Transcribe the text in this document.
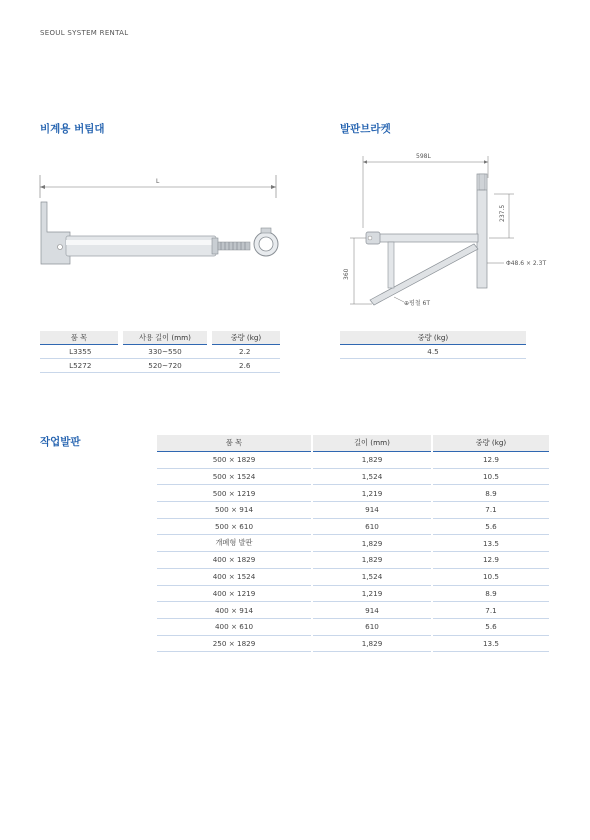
SEOUL SYSTEM RENTAL
비계용 버팀대
L
품 목	사용 길이 (mm)	중량 (kg)
L3355	330~550	2.2
L5272	520~720	2.6
발판브라켓
598L
237.5
360
Φ48.6 × 2.3T
⊕평철 6T
중량 (kg)
4.5
작업발판	품 목	길이 (mm)	중량 (kg)
500 × 1829	1,829	12.9
500 × 1524	1,524	10.5
500 × 1219	1,219	8.9
500 × 914	914	7.1
500 × 610	610	5.6
개폐형 발판	1,829	13.5
400 × 1829	1,829	12.9
400 × 1524	1,524	10.5
400 × 1219	1,219	8.9
400 × 914	914	7.1
400 × 610	610	5.6
250 × 1829	1,829	13.5
